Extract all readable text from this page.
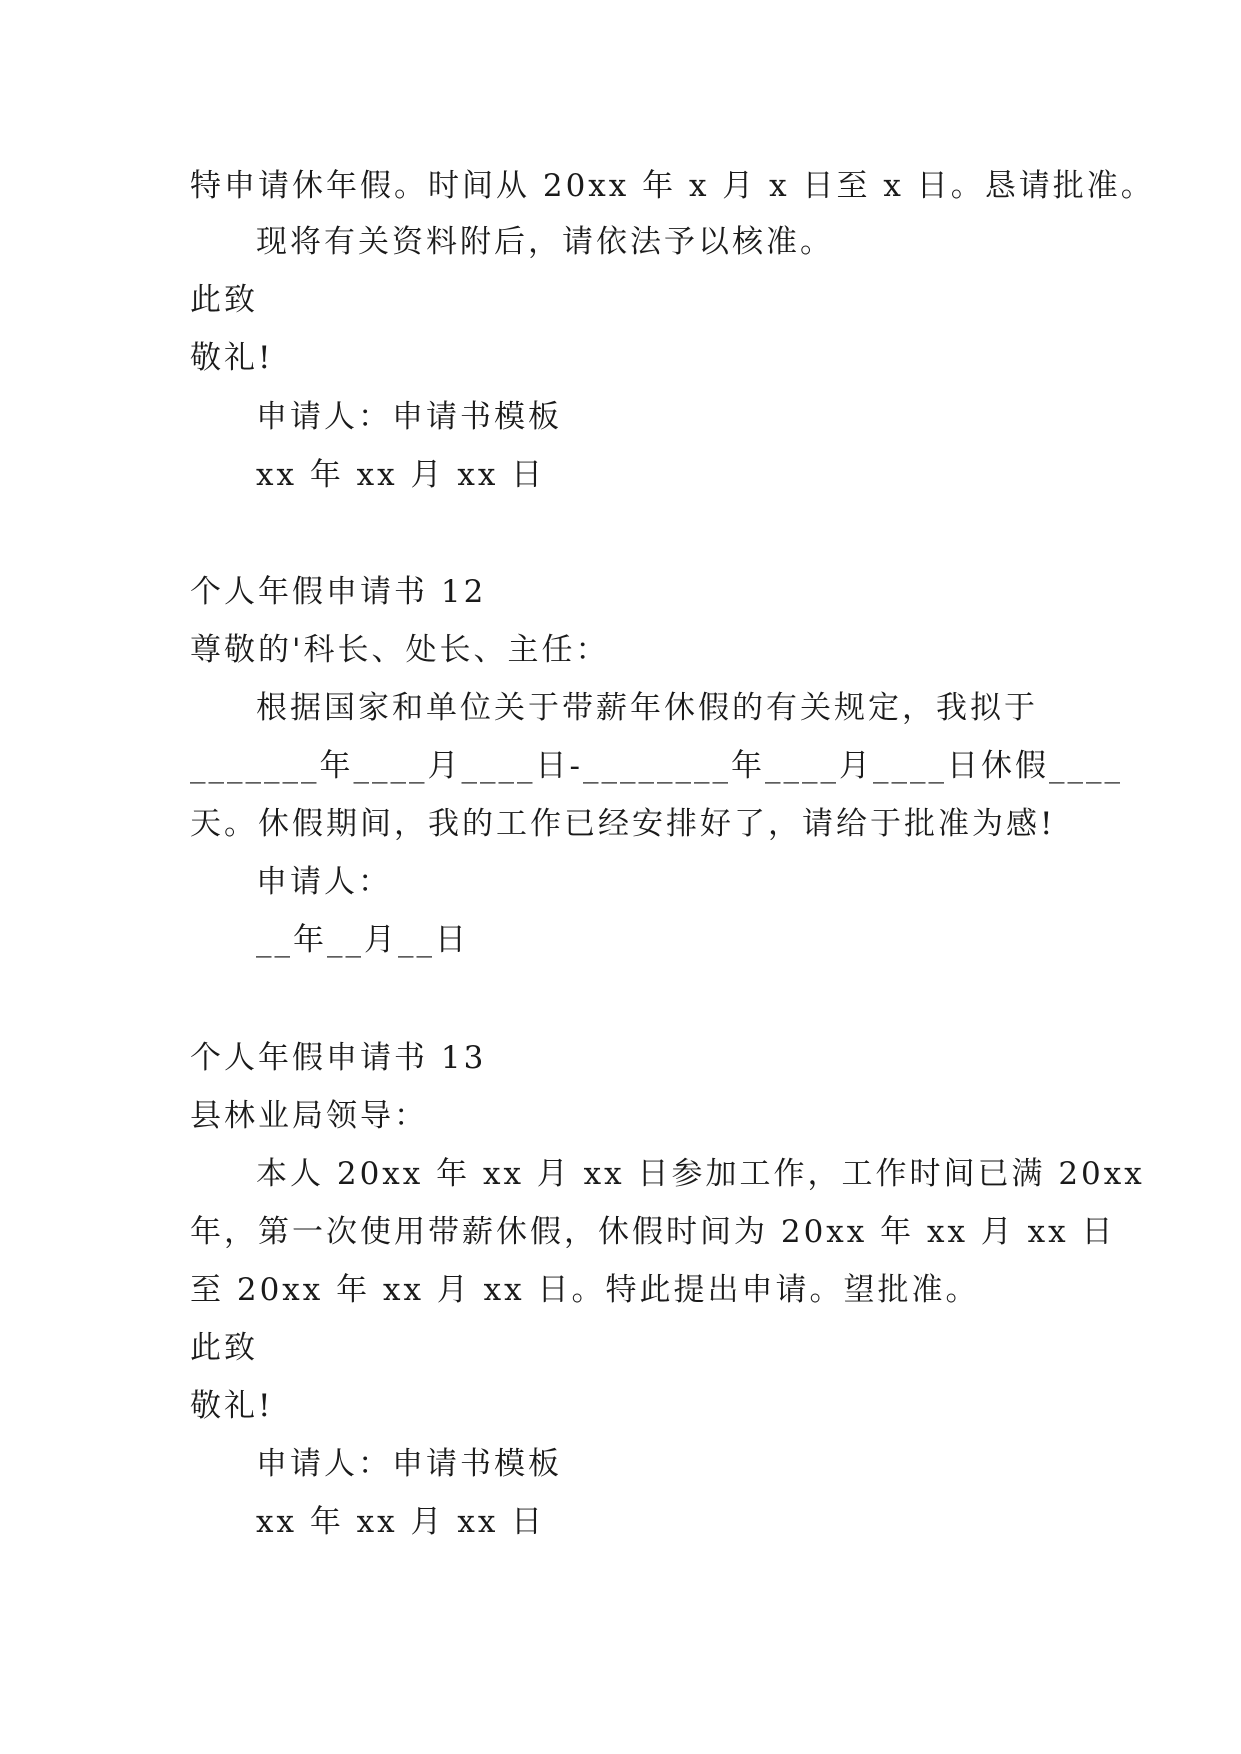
特申请休年假。时间从 20xx 年 x 月 x 日至 x 日。恳请批准。
现将有关资料附后，请依法予以核准。
此致
敬礼!
申请人：申请书模板
xx 年 xx 月 xx 日
个人年假申请书 12
尊敬的'科长、处长、主任：
根据国家和单位关于带薪年休假的有关规定，我拟于
_______年____月____日-________年____月____日休假____
天。休假期间，我的工作已经安排好了，请给于批准为感!
申请人：
__年__月__日
个人年假申请书 13
县林业局领导：
本人 20xx 年 xx 月 xx 日参加工作，工作时间已满 20xx
年，第一次使用带薪休假，休假时间为 20xx 年 xx 月 xx 日
至 20xx 年 xx 月 xx 日。特此提出申请。望批准。
此致
敬礼!
申请人：申请书模板
xx 年 xx 月 xx 日
